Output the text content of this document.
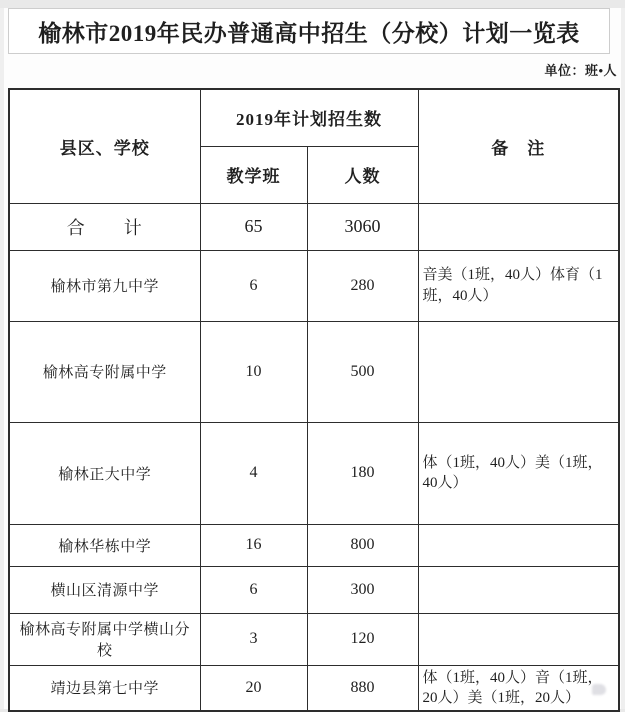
榆林市2019年民办普通高中招生（分校）计划一览表
单位：班•人
县区、学校	2019年计划招生数		备　注
	教学班	人数	
合　　计	65	3060	
榆林市第九中学	6	280	音美（1班，40人）体育（1班，40人）
榆林高专附属中学	10	500	
榆林正大中学	4	180	体（1班，40人）美（1班，40人）
榆林华栋中学	16	800	
横山区清源中学	6	300	
榆林高专附属中学横山分校	3	120	
靖边县第七中学	20	880	体（1班，40人）音（1班，20人）美（1班，20人）
